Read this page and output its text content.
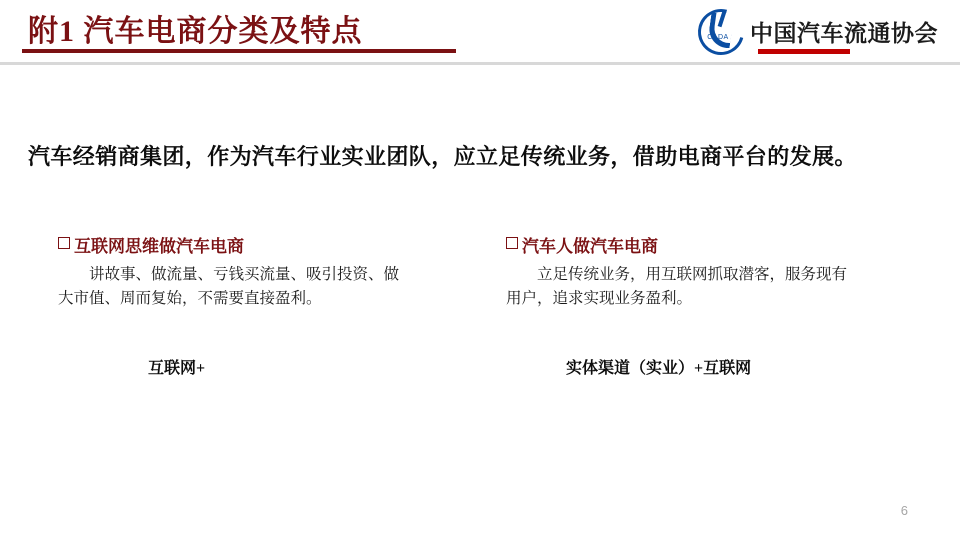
附1 汽车电商分类及特点	CADA 中国汽车流通协会
汽车经销商集团，作为汽车行业实业团队，应立足传统业务，借助电商平台的发展。
互联网思维做汽车电商
讲故事、做流量、亏钱买流量、吸引投资、做大市值、周而复始，不需要直接盈利。
互联网+
汽车人做汽车电商
立足传统业务，用互联网抓取潜客，服务现有用户，追求实现业务盈利。
实体渠道（实业）+互联网
6
